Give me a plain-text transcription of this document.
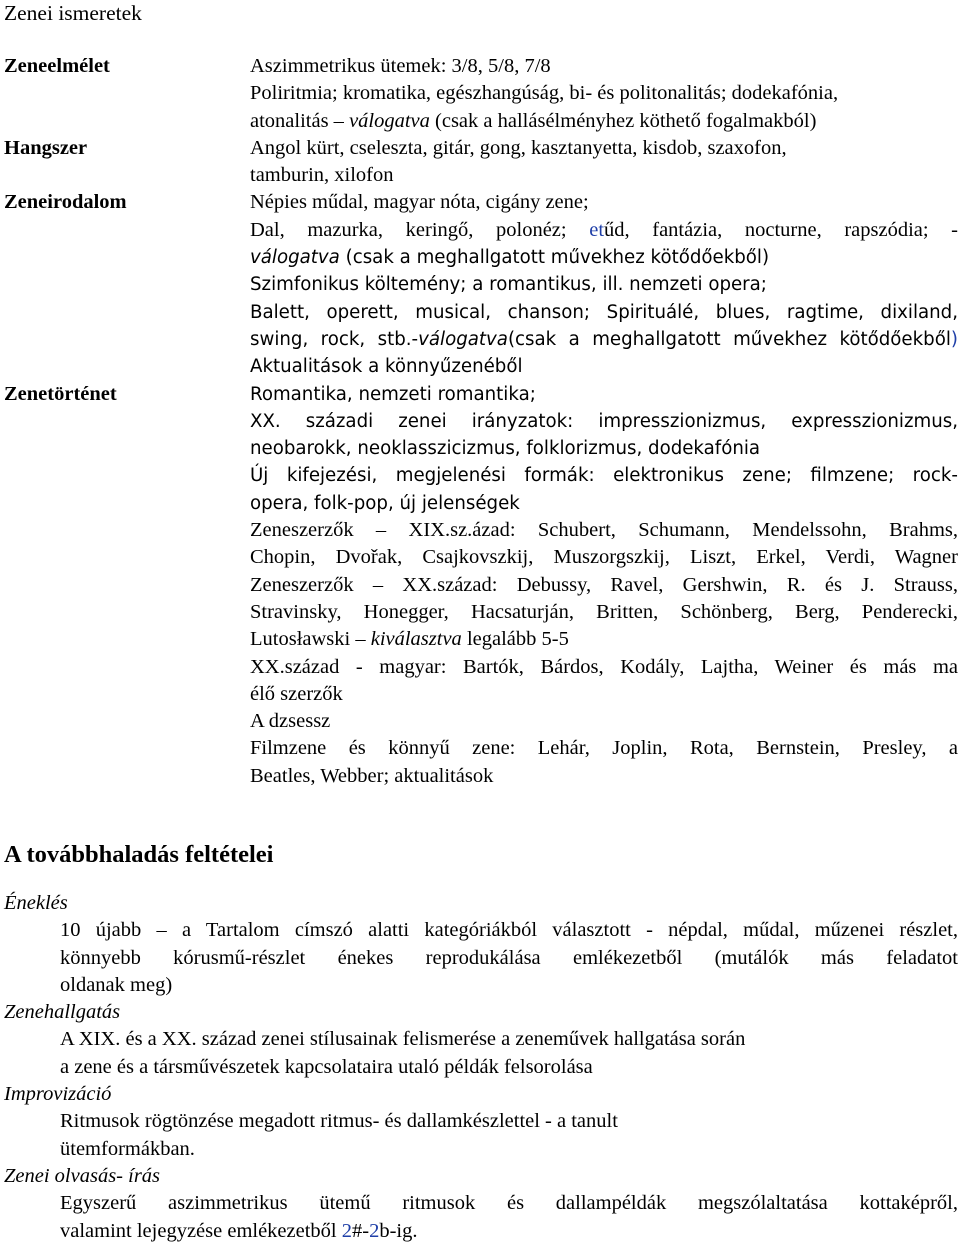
Zenei ismeretek
Zeneelmélet	Aszimmetrikus ütemek: 3/8, 5/8, 7/8
Poliritmia; kromatika, egészhangúság, bi- és politonalitás; dodekafónia,
atonalitás – válogatva (csak a hallásélményhez köthető fogalmakból)
Hangszer	Angol kürt, cseleszta, gitár, gong, kasztanyetta, kisdob, szaxofon,
tamburin, xilofon
Zeneirodalom	Népies műdal, magyar nóta, cigány zene;
Dal, mazurka, keringő, polonéz; etűd, fantázia, nocturne, rapszódia; -
válogatva (csak a meghallgatott művekhez kötődőekből)
Szimfonikus költemény; a romantikus, ill. nemzeti opera;
Balett, operett, musical, chanson; Spirituálé, blues, ragtime, dixiland,
swing, rock, stb.-válogatva(csak a meghallgatott művekhez kötődőekből)
Aktualitások a könnyűzenéből
Zenetörténet	Romantika, nemzeti romantika;
XX. századi zenei irányzatok: impresszionizmus, expresszionizmus,
neobarokk, neoklasszicizmus, folklorizmus, dodekafónia
Új kifejezési, megjelenési formák: elektronikus zene; filmzene; rock-
opera, folk-pop, új jelenségek
Zeneszerzők – XIX.sz.ázad: Schubert, Schumann, Mendelssohn, Brahms,
Chopin, Dvořak, Csajkovszkij, Muszorgszkij, Liszt, Erkel, Verdi, Wagner
Zeneszerzők – XX.század: Debussy, Ravel, Gershwin, R. és J. Strauss,
Stravinsky, Honegger, Hacsaturján, Britten, Schönberg, Berg, Penderecki,
Lutosławski – kiválasztva legalább 5-5
XX.század - magyar: Bartók, Bárdos, Kodály, Lajtha, Weiner és más ma
élő szerzők
A dzsessz
Filmzene és könnyű zene: Lehár, Joplin, Rota, Bernstein, Presley, a
Beatles, Webber; aktualitások
A továbbhaladás feltételei
Éneklés
10 újabb – a Tartalom címszó alatti kategóriákból választott - népdal, műdal, műzenei részlet,
könnyebb kórusmű-részlet énekes reprodukálása emlékezetből (mutálók más feladatot
oldanak meg)
Zenehallgatás
A XIX. és a XX. század zenei stílusainak felismerése a zeneművek hallgatása során
a zene és a társművészetek kapcsolataira utaló példák felsorolása
Improvizáció
Ritmusok rögtönzése megadott ritmus- és dallamkészlettel - a tanult
ütemformákban.
Zenei olvasás- írás
Egyszerű aszimmetrikus ütemű ritmusok és dallampéldák megszólaltatása kottaképről,
valamint lejegyzése emlékezetből 2#-2b-ig.
